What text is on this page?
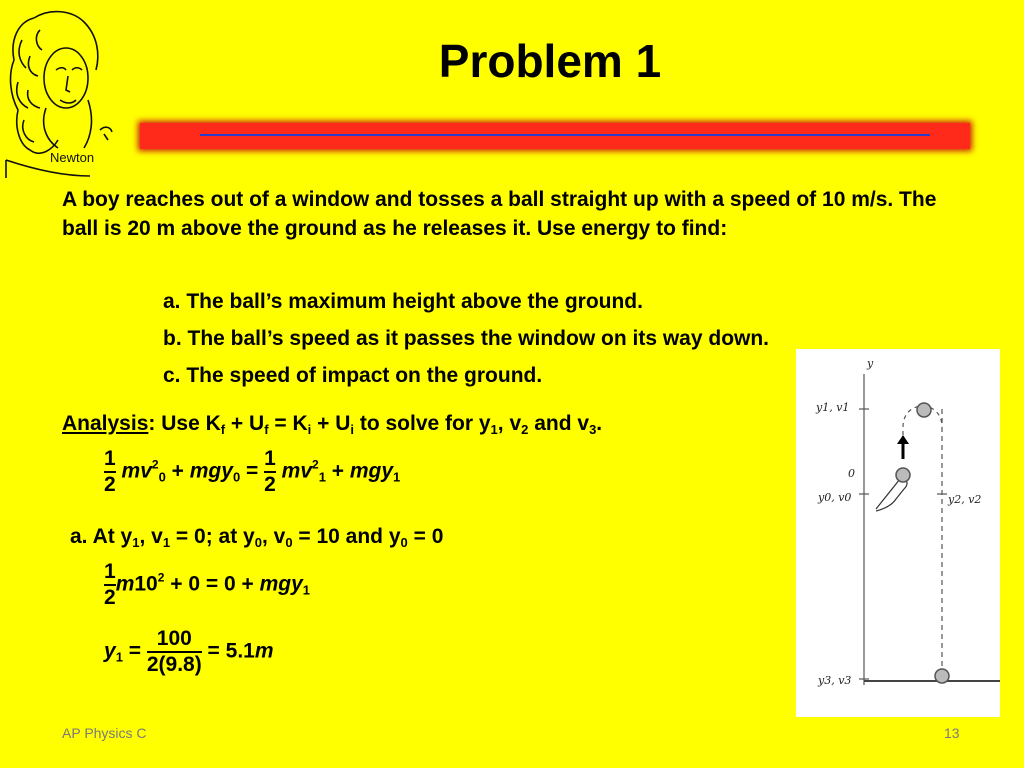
Newton
Problem 1
A boy reaches out of a window and tosses a ball straight up with a speed of 10 m/s. The ball is 20 m above the ground as he releases it. Use energy to find:
a. The ball’s maximum height above the ground.
b. The ball’s speed as it passes the window on its way down.
c. The speed of impact on the ground.
Analysis: Use $K_f + U_f = K_i + U_i$ to solve for $y_1$, $v_2$ and $v_3$.
$\frac{1}{2} mv^2_0 + mgy_0 = \frac{1}{2} mv^2_1 + mgy_1$
a. At $y_1$, $v_1 = 0$; at $y_0$, $v_0 = 10$ and $y_0 = 0$
$\frac{1}{2} m10^2 + 0 = 0 + mgy_1$
$y_1 = \frac{100}{2(9.8)} = 5.1m$
y
y1, v1
0
y0, v0	y2, v2
y3, v3
AP Physics C	13
